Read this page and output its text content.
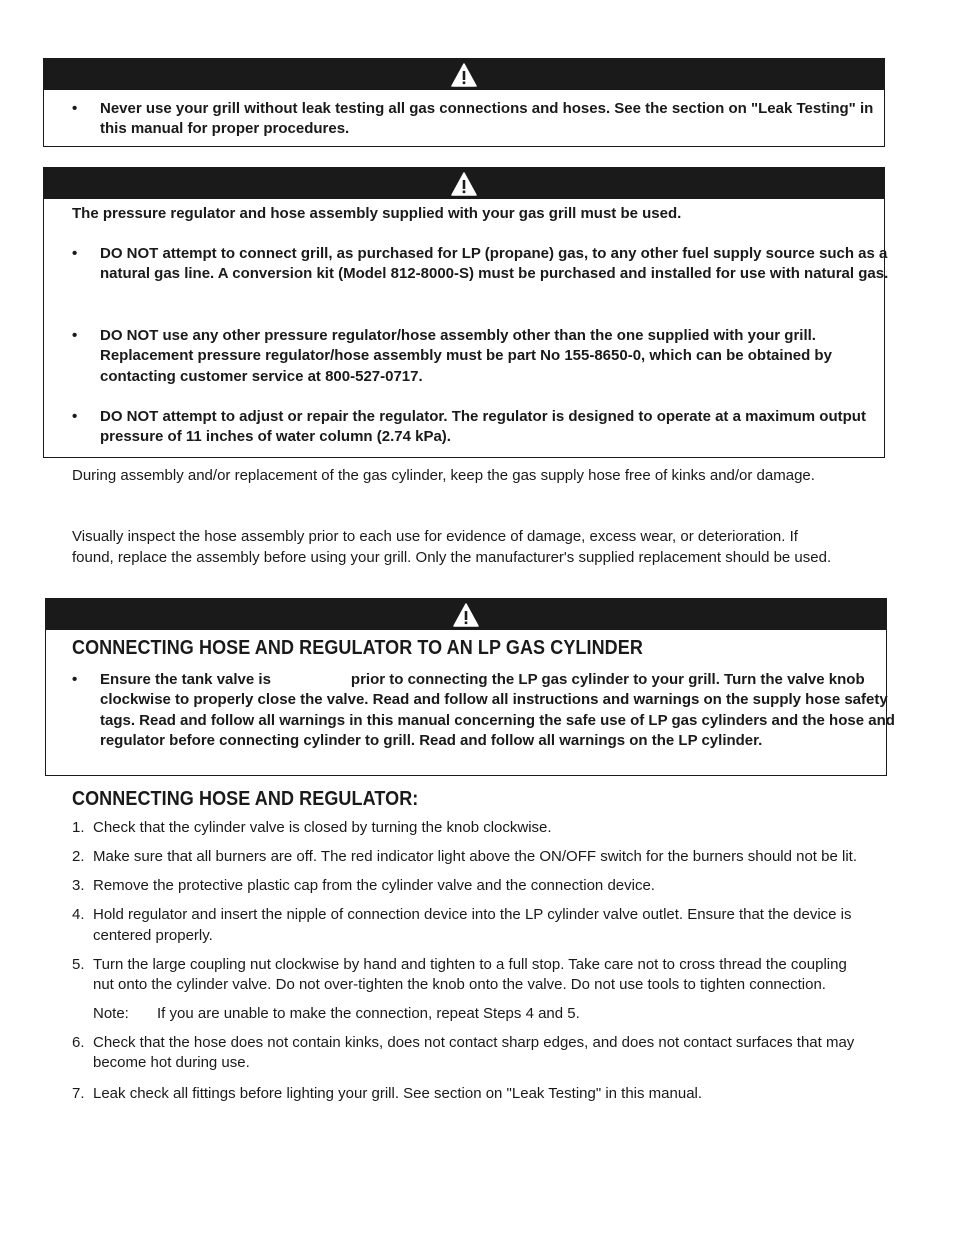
• Never use your grill without leak testing all gas connections and hoses. See the section on "Leak Testing" in this manual for proper procedures.
The pressure regulator and hose assembly supplied with your gas grill must be used.
• DO NOT attempt to connect grill, as purchased for LP (propane) gas, to any other fuel supply source such as a natural gas line. A conversion kit (Model 812-8000-S) must be purchased and installed for use with natural gas.
• DO NOT use any other pressure regulator/hose assembly other than the one supplied with your grill. Replacement pressure regulator/hose assembly must be part No 155-8650-0, which can be obtained by contacting customer service at 800-527-0717.
• DO NOT attempt to adjust or repair the regulator. The regulator is designed to operate at a maximum output pressure of 11 inches of water column (2.74 kPa).
During assembly and/or replacement of the gas cylinder, keep the gas supply hose free of kinks and/or damage.
Visually inspect the hose assembly prior to each use for evidence of damage, excess wear, or deterioration. If found, replace the assembly before using your grill. Only the manufacturer's supplied replacement should be used.
CONNECTING HOSE AND REGULATOR TO AN LP GAS CYLINDER
• Ensure the tank valve is	prior to connecting the LP gas cylinder to your grill. Turn the valve knob clockwise to properly close the valve. Read and follow all instructions and warnings on the supply hose safety tags. Read and follow all warnings in this manual concerning the safe use of LP gas cylinders and the hose and regulator before connecting cylinder to grill. Read and follow all warnings on the LP cylinder.
CONNECTING HOSE AND REGULATOR:
1. Check that the cylinder valve is closed by turning the knob clockwise.
2. Make sure that all burners are off. The red indicator light above the ON/OFF switch for the burners should not be lit.
3. Remove the protective plastic cap from the cylinder valve and the connection device.
4. Hold regulator and insert the nipple of connection device into the LP cylinder valve outlet. Ensure that the device is centered properly.
5. Turn the large coupling nut clockwise by hand and tighten to a full stop. Take care not to cross thread the coupling nut onto the cylinder valve. Do not over-tighten the knob onto the valve. Do not use tools to tighten connection.
Note: If you are unable to make the connection, repeat Steps 4 and 5.
6. Check that the hose does not contain kinks, does not contact sharp edges, and does not contact surfaces that may become hot during use.
7. Leak check all fittings before lighting your grill. See section on "Leak Testing" in this manual.
